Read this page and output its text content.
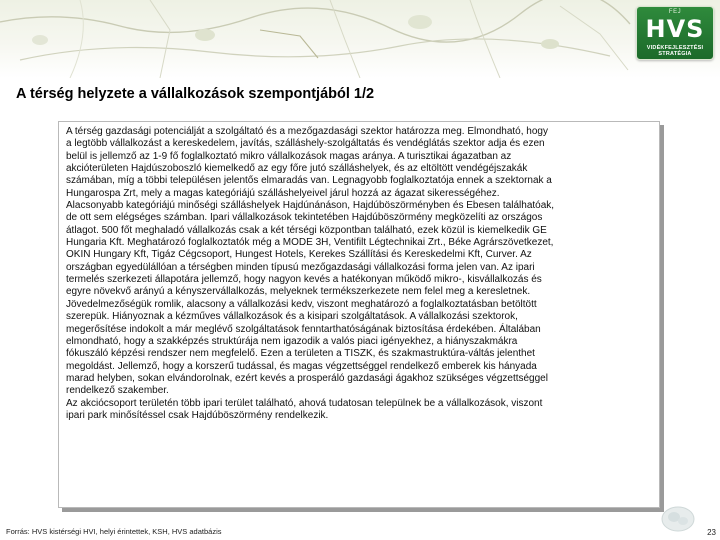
FEJ
HVS
VIDÉKFEJLESZTÉSI STRATÉGIA
A térség helyzete a vállalkozások szempontjából 1/2

A térség gazdasági potenciálját a szolgáltató és a mezőgazdasági szektor határozza meg. Elmondható, hogy
a legtöbb vállalkozást a kereskedelem, javítás, szálláshely-szolgáltatás és vendéglátás szektor adja és ezen
belül is jellemző az 1-9 fő foglalkoztató mikro vállalkozások magas aránya. A turisztikai ágazatban az
akcióterületen Hajdúszoboszló kiemelkedő az egy főre jutó szálláshelyek, és az eltöltött vendégéjszakák
számában, míg a többi településen jelentős elmaradás van. Legnagyobb foglalkoztatója ennek a szektornak a
Hungarospa Zrt, mely a magas kategóriájú szálláshelyeivel járul hozzá az ágazat sikerességéhez.
Alacsonyabb kategóriájú minőségi szálláshelyek Hajdúnánáson, Hajdúböszörményben és Ebesen találhatóak,
de ott sem elégséges számban. Ipari vállalkozások tekintetében Hajdúböszörmény megközelíti az országos
átlagot. 500 főt meghaladó vállalkozás csak a két térségi központban található, ezek közül is kiemelkedik GE
Hungaria Kft. Meghatározó foglalkoztatók még a MODE 3H, Ventifilt Légtechnikai Zrt., Béke Agrárszövetkezet,
OKIN Hungary Kft, Tigáz Cégcsoport, Hungest Hotels, Kerekes Szállítási és Kereskedelmi Kft, Curver. Az
országban egyedülállóan a térségben minden típusú mezőgazdasági vállalkozási forma jelen van. Az ipari
termelés szerkezeti állapotára jellemző, hogy nagyon kevés a hatékonyan működő mikro-, kisvállalkozás és
egyre növekvő arányú a kényszervállalkozás, melyeknek termékszerkezete nem felel meg a keresletnek.
Jövedelmezőségük romlik, alacsony a vállalkozási kedv, viszont meghatározó a foglalkoztatásban betöltött
szerepük. Hiányoznak a kézműves vállalkozások és a kisipari szolgáltatások. A vállalkozási szektorok,
megerősítése indokolt a már meglévő szolgáltatások fenntarthatóságának biztosítása érdekében. Általában
elmondható, hogy a szakképzés struktúrája nem igazodik a valós piaci igényekhez, a hiányszakmákra
fókuszáló képzési rendszer nem megfelelő. Ezen a területen a TISZK, és szakmastruktúra-váltás jelenthet
megoldást. Jellemző, hogy a korszerű tudással, és magas végzettséggel rendelkező emberek kis hányada
marad helyben, sokan elvándorolnak, ezért kevés a prosperáló gazdasági ágakhoz szükséges végzettséggel
rendelkező szakember.
Az akciócsoport területén több ipari terület található, ahová tudatosan települnek be a vállalkozások, viszont
ipari park minősítéssel csak Hajdúböszörmény rendelkezik.

Forrás: HVS kistérségi HVI, helyi érintettek, KSH, HVS adatbázis	23
